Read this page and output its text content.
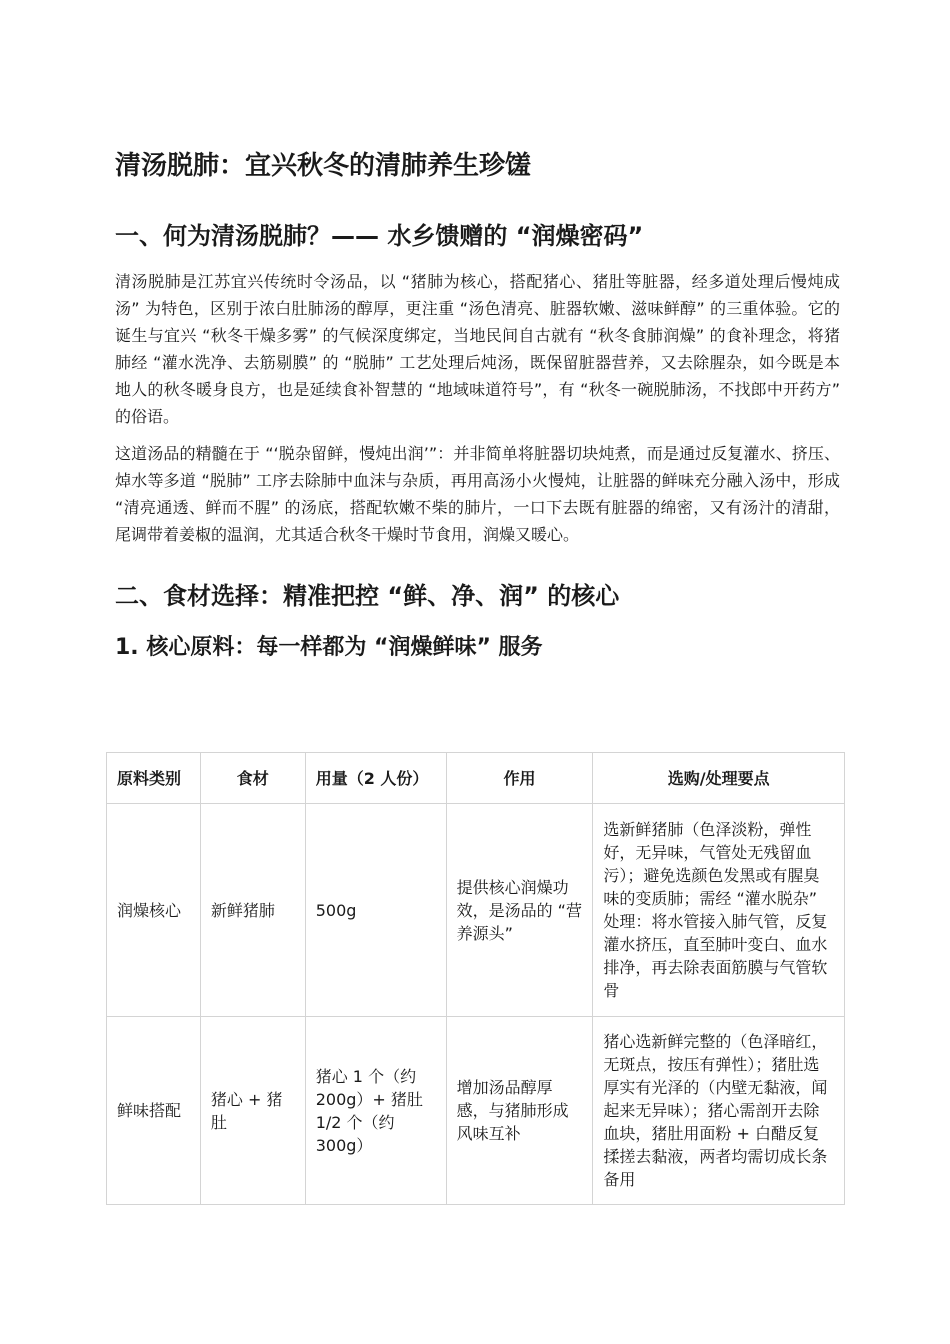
清汤脱肺：宜兴秋冬的清肺养生珍馐
一、何为清汤脱肺？—— 水乡馈赠的 “润燥密码”

清汤脱肺是江苏宜兴传统时令汤品，以 “猪肺为核心，搭配猪心、猪肚等脏器，经多道处理后慢炖成汤” 为特色，区别于浓白肚肺汤的醇厚，更注重 “汤色清亮、脏器软嫩、滋味鲜醇” 的三重体验。它的诞生与宜兴 “秋冬干燥多雾” 的气候深度绑定，当地民间自古就有 “秋冬食肺润燥” 的食补理念，将猪肺经 “灌水洗净、去筋剔膜” 的 “脱肺” 工艺处理后炖汤，既保留脏器营养，又去除腥杂，如今既是本地人的秋冬暖身良方，也是延续食补智慧的 “地域味道符号”，有 “秋冬一碗脱肺汤，不找郎中开药方” 的俗语。

这道汤品的精髓在于 “‘脱杂留鲜，慢炖出润’”：并非简单将脏器切块炖煮，而是通过反复灌水、挤压、焯水等多道 “脱肺” 工序去除肺中血沫与杂质，再用高汤小火慢炖，让脏器的鲜味充分融入汤中，形成 “清亮通透、鲜而不腥” 的汤底，搭配软嫩不柴的肺片，一口下去既有脏器的绵密，又有汤汁的清甜，尾调带着姜椒的温润，尤其适合秋冬干燥时节食用，润燥又暖心。

二、食材选择：精准把控 “鲜、净、润” 的核心
1. 核心原料：每一样都为 “润燥鲜味” 服务
原料类别	食材	用量（2 人份）	作用	选购/处理要点
润燥核心	新鲜猪肺	500g	提供核心润燥功效，是汤品的 “营养源头”	选新鲜猪肺（色泽淡粉，弹性好，无异味，气管处无残留血污）；避免选颜色发黑或有腥臭味的变质肺；需经 “灌水脱杂” 处理：将水管接入肺气管，反复灌水挤压，直至肺叶变白、血水排净，再去除表面筋膜与气管软骨
鲜味搭配	猪心 + 猪肚	猪心 1 个（约 200g）+ 猪肚 1/2 个（约 300g）	增加汤品醇厚感，与猪肺形成风味互补	猪心选新鲜完整的（色泽暗红，无斑点，按压有弹性）；猪肚选厚实有光泽的（内壁无黏液，闻起来无异味）；猪心需剖开去除血块，猪肚用面粉 + 白醋反复揉搓去黏液，两者均需切成长条备用
